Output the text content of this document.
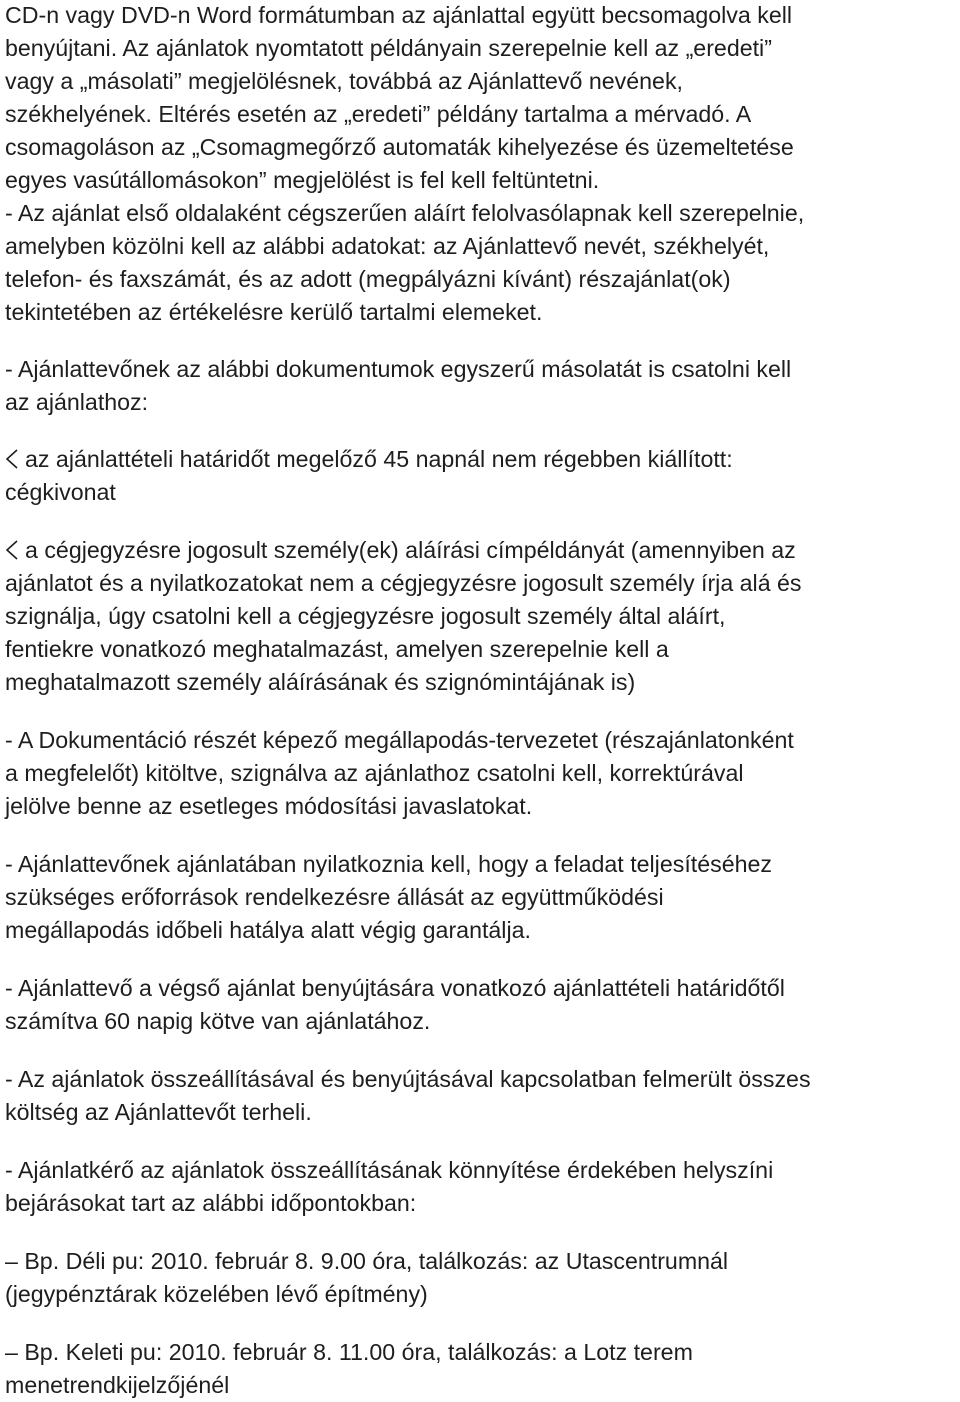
CD-n vagy DVD-n Word formátumban az ajánlattal együtt becsomagolva kell
benyújtani. Az ajánlatok nyomtatott példányain szerepelnie kell az „eredeti”
vagy a „másolati” megjelölésnek, továbbá az Ajánlattevő nevének,
székhelyének. Eltérés esetén az „eredeti” példány tartalma a mérvadó. A
csomagoláson az „Csomagmegőrző automaták kihelyezése és üzemeltetése
egyes vasútállomásokon” megjelölést is fel kell feltüntetni.
- Az ajánlat első oldalaként cégszerűen aláírt felolvasólapnak kell szerepelnie,
amelyben közölni kell az alábbi adatokat: az Ajánlattevő nevét, székhelyét,
telefon- és faxszámát, és az adott (megpályázni kívánt) részajánlat(ok)
tekintetében az értékelésre kerülő tartalmi elemeket.
- Ajánlattevőnek az alábbi dokumentumok egyszerű másolatát is csatolni kell
az ajánlathoz:
az ajánlattételi határidőt megelőző 45 napnál nem régebben kiállított:
cégkivonat
a cégjegyzésre jogosult személy(ek) aláírási címpéldányát (amennyiben az
ajánlatot és a nyilatkozatokat nem a cégjegyzésre jogosult személy írja alá és
szignálja, úgy csatolni kell a cégjegyzésre jogosult személy által aláírt,
fentiekre vonatkozó meghatalmazást, amelyen szerepelnie kell a
meghatalmazott személy aláírásának és szignómintájának is)
- A Dokumentáció részét képező megállapodás-tervezetet (részajánlatonként
a megfelelőt) kitöltve, szignálva az ajánlathoz csatolni kell, korrektúrával
jelölve benne az esetleges módosítási javaslatokat.
- Ajánlattevőnek ajánlatában nyilatkoznia kell, hogy a feladat teljesítéséhez
szükséges erőforrások rendelkezésre állását az együttműködési
megállapodás időbeli hatálya alatt végig garantálja.
- Ajánlattevő a végső ajánlat benyújtására vonatkozó ajánlattételi határidőtől
számítva 60 napig kötve van ajánlatához.
- Az ajánlatok összeállításával és benyújtásával kapcsolatban felmerült összes
költség az Ajánlattevőt terheli.
- Ajánlatkérő az ajánlatok összeállításának könnyítése érdekében helyszíni
bejárásokat tart az alábbi időpontokban:
– Bp. Déli pu: 2010. február 8. 9.00 óra, találkozás: az Utascentrumnál
(jegypénztárak közelében lévő építmény)
– Bp. Keleti pu: 2010. február 8. 11.00 óra, találkozás: a Lotz terem
menetrendkijelzőjénél
